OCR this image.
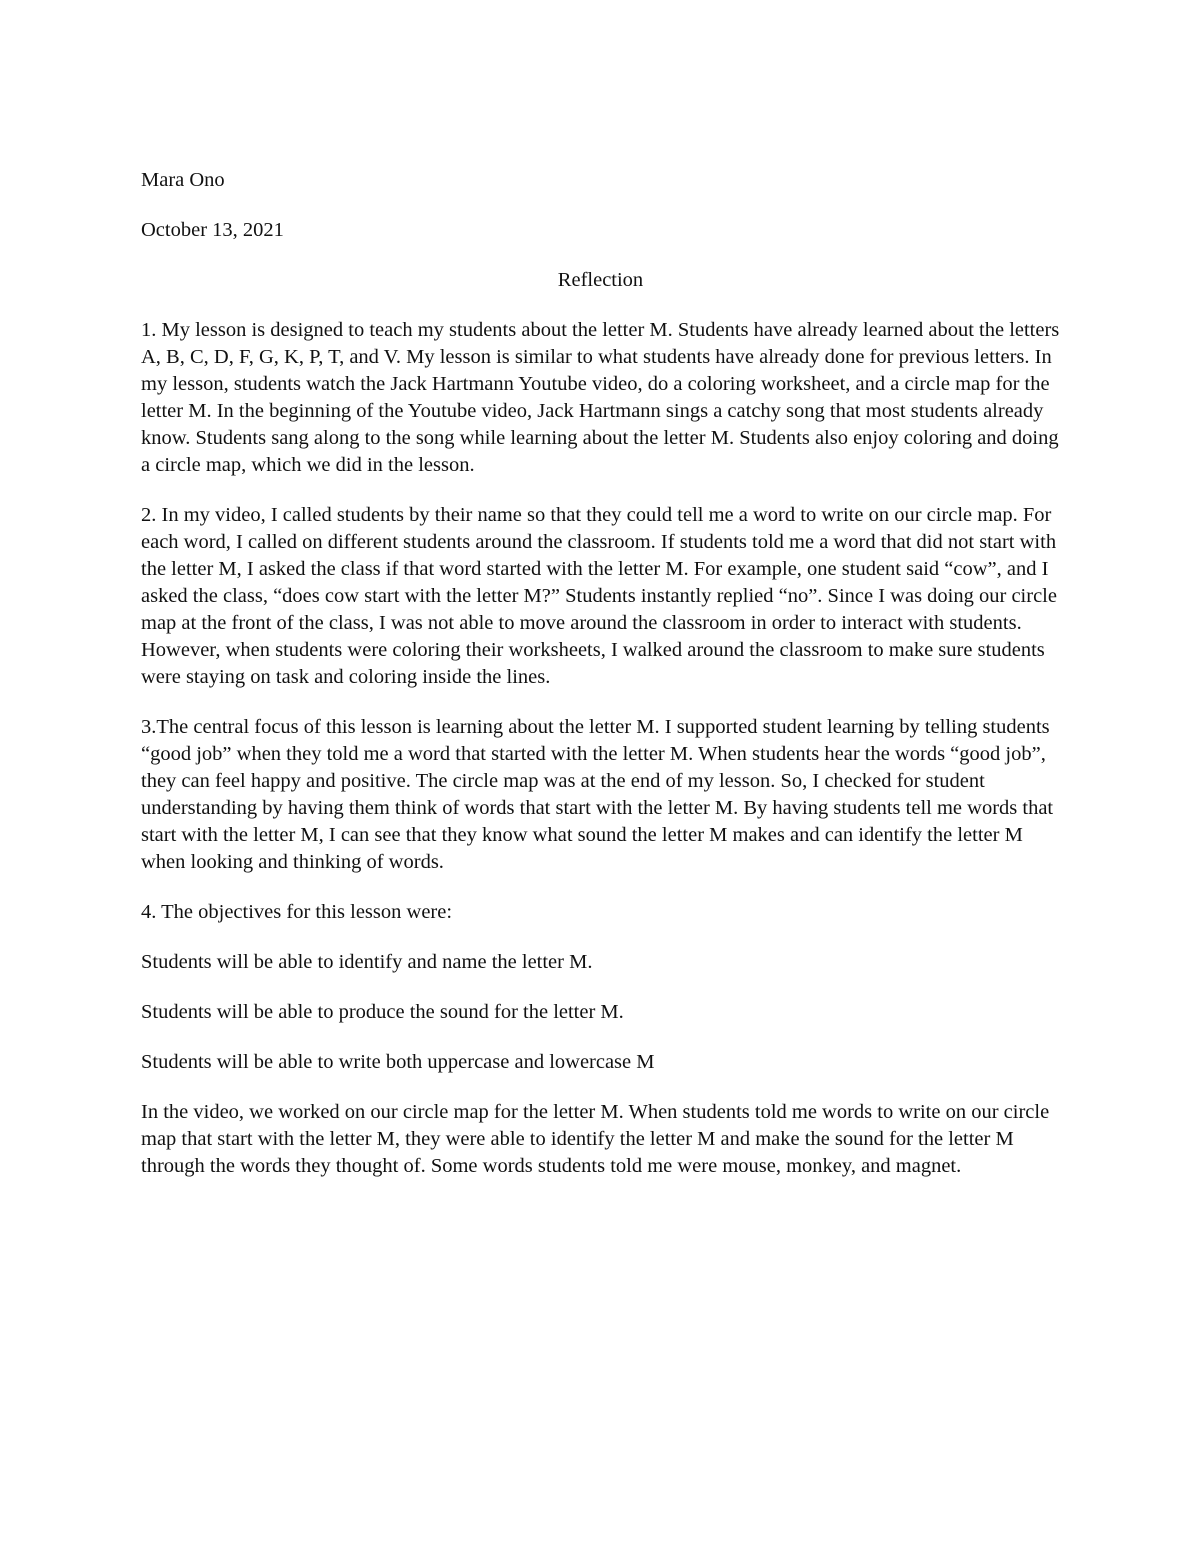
Mara Ono
October 13, 2021
Reflection
1. My lesson is designed to teach my students about the letter M. Students have already learned about the letters A, B, C, D, F, G, K, P, T, and V. My lesson is similar to what students have already done for previous letters. In my lesson, students watch the Jack Hartmann Youtube video, do a coloring worksheet, and a circle map for the letter M. In the beginning of the Youtube video, Jack Hartmann sings a catchy song that most students already know. Students sang along to the song while learning about the letter M. Students also enjoy coloring and doing a circle map, which we did in the lesson.
2. In my video, I called students by their name so that they could tell me a word to write on our circle map. For each word, I called on different students around the classroom. If students told me a word that did not start with the letter M, I asked the class if that word started with the letter M. For example, one student said “cow”, and I asked the class, “does cow start with the letter M?” Students instantly replied “no”. Since I was doing our circle map at the front of the class, I was not able to move around the classroom in order to interact with students. However, when students were coloring their worksheets, I walked around the classroom to make sure students were staying on task and coloring inside the lines.
3.The central focus of this lesson is learning about the letter M. I supported student learning by telling students “good job” when they told me a word that started with the letter M. When students hear the words “good job”, they can feel happy and positive. The circle map was at the end of my lesson. So, I checked for student understanding by having them think of words that start with the letter M. By having students tell me words that start with the letter M, I can see that they know what sound the letter M makes and can identify the letter M when looking and thinking of words.
4. The objectives for this lesson were:
Students will be able to identify and name the letter M.
Students will be able to produce the sound for the letter M.
Students will be able to write both uppercase and lowercase M
In the video, we worked on our circle map for the letter M. When students told me words to write on our circle map that start with the letter M, they were able to identify the letter M and make the sound for the letter M through the words they thought of. Some words students told me were mouse, monkey, and magnet.
